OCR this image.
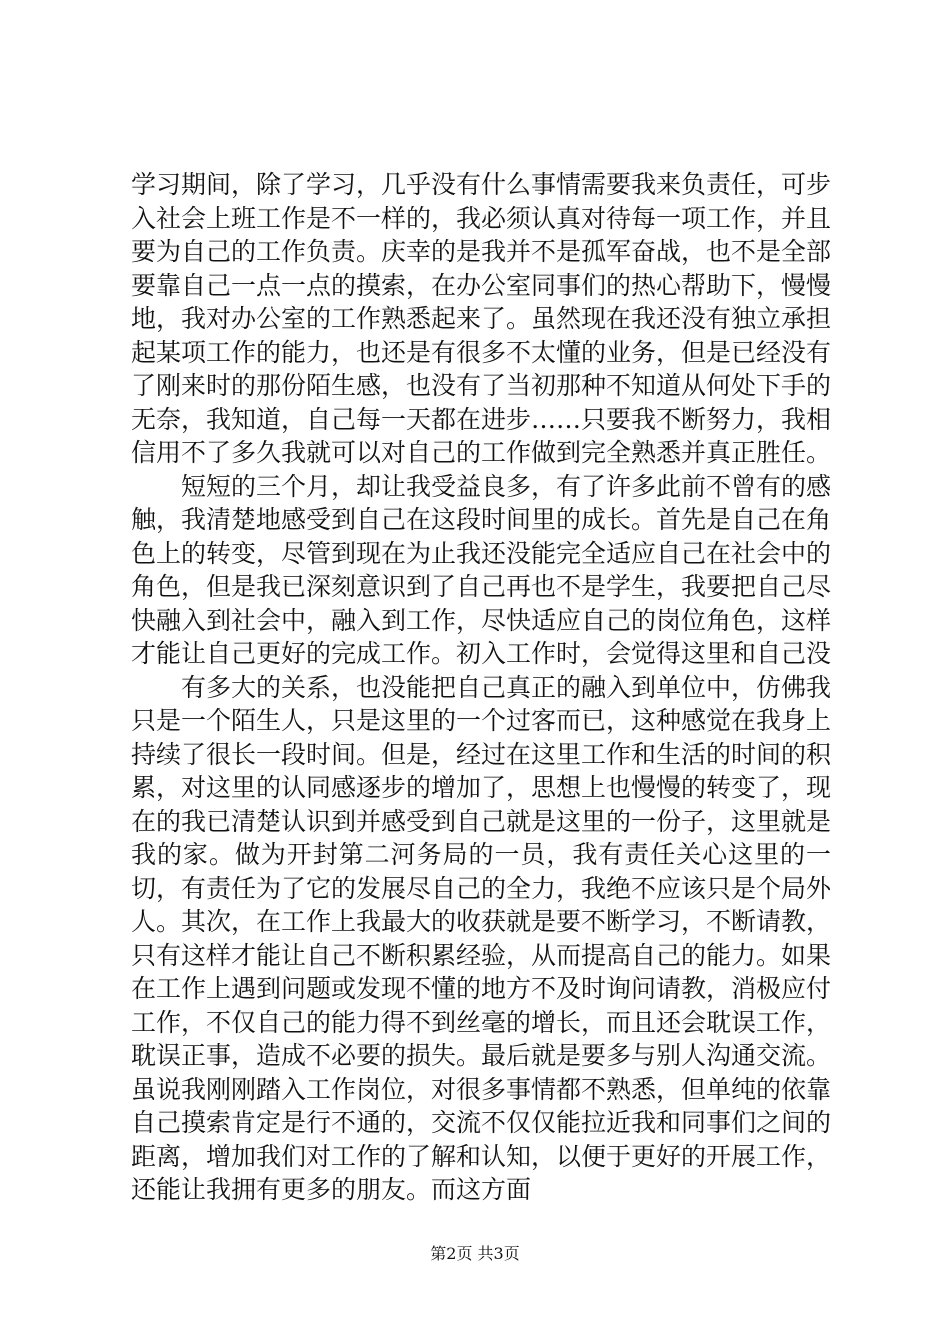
学习期间，除了学习，几乎没有什么事情需要我来负责任，可步入社会上班工作是不一样的，我必须认真对待每一项工作，并且要为自己的工作负责。庆幸的是我并不是孤军奋战，也不是全部要靠自己一点一点的摸索，在办公室同事们的热心帮助下，慢慢地，我对办公室的工作熟悉起来了。虽然现在我还没有独立承担起某项工作的能力，也还是有很多不太懂的业务，但是已经没有了刚来时的那份陌生感，也没有了当初那种不知道从何处下手的无奈，我知道，自己每一天都在进步……只要我不断努力，我相信用不了多久我就可以对自己的工作做到完全熟悉并真正胜任。

短短的三个月，却让我受益良多，有了许多此前不曾有的感触，我清楚地感受到自己在这段时间里的成长。首先是自己在角色上的转变，尽管到现在为止我还没能完全适应自己在社会中的角色，但是我已深刻意识到了自己再也不是学生，我要把自己尽快融入到社会中，融入到工作，尽快适应自己的岗位角色，这样才能让自己更好的完成工作。初入工作时，会觉得这里和自己没

有多大的关系，也没能把自己真正的融入到单位中，仿佛我只是一个陌生人，只是这里的一个过客而已，这种感觉在我身上持续了很长一段时间。但是，经过在这里工作和生活的时间的积累，对这里的认同感逐步的增加了，思想上也慢慢的转变了，现在的我已清楚认识到并感受到自己就是这里的一份子，这里就是我的家。做为开封第二河务局的一员，我有责任关心这里的一切，有责任为了它的发展尽自己的全力，我绝不应该只是个局外人。其次，在工作上我最大的收获就是要不断学习，不断请教，只有这样才能让自己不断积累经验，从而提高自己的能力。如果在工作上遇到问题或发现不懂的地方不及时询问请教，消极应付工作，不仅自己的能力得不到丝毫的增长，而且还会耽误工作，耽误正事，造成不必要的损失。最后就是要多与别人沟通交流。虽说我刚刚踏入工作岗位，对很多事情都不熟悉，但单纯的依靠自己摸索肯定是行不通的，交流不仅仅能拉近我和同事们之间的距离，增加我们对工作的了解和认知，以便于更好的开展工作，还能让我拥有更多的朋友。而这方面

第2页 共3页
